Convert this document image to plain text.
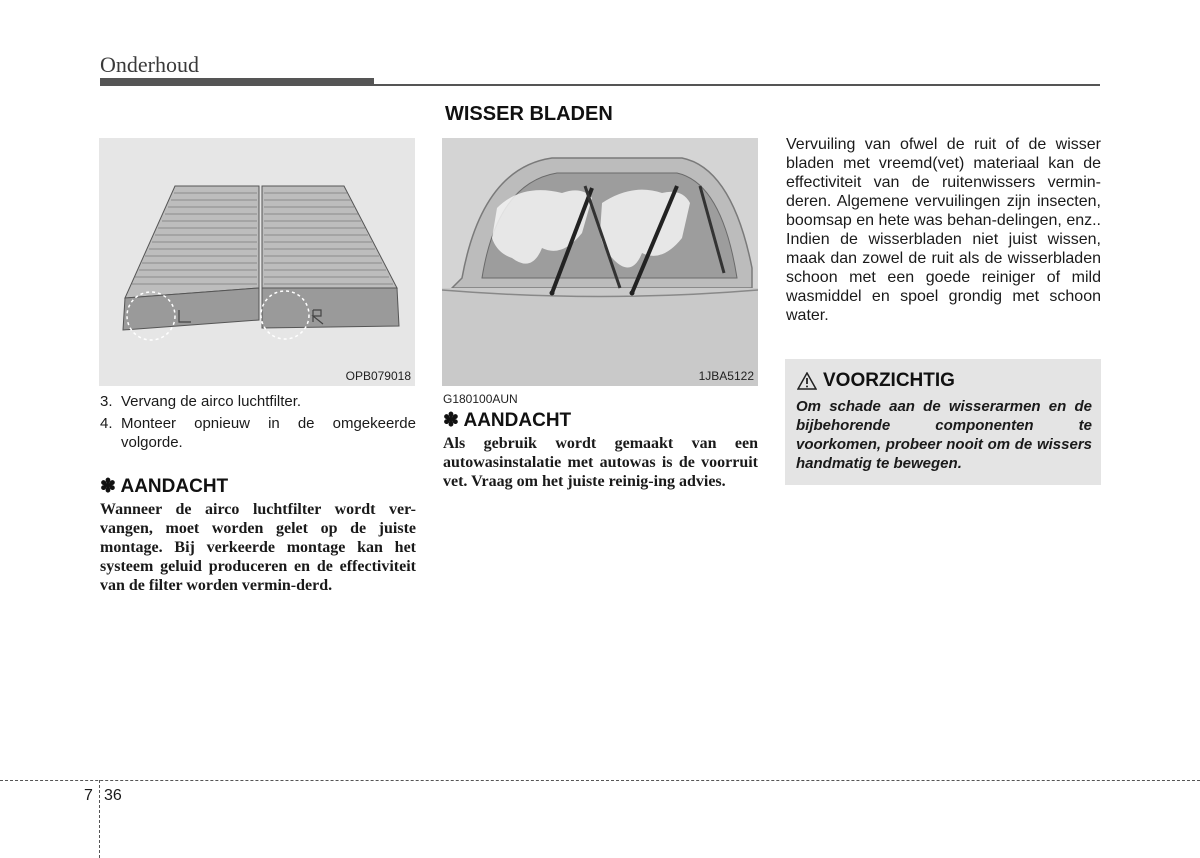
Onderhoud
WISSER BLADEN
OPB079018	1JBA5122
3. Vervang de airco luchtfilter.
4. Monteer opnieuw in de omgekeerde volgorde.
✽ AANDACHT
Wanneer de airco luchtfilter wordt ver-vangen, moet worden gelet op de juiste montage. Bij verkeerde montage kan het systeem geluid produceren en de effectiviteit van de filter worden vermin-derd.
G180100AUN
✽ AANDACHT
Als gebruik wordt gemaakt van een autowasinstalatie met autowas is de voorruit vet. Vraag om het juiste reinig-ing advies.
Vervuiling van ofwel de ruit of de wisser bladen met vreemd(vet) materiaal kan de effectiviteit van de ruitenwissers vermin-deren. Algemene vervuilingen zijn insecten, boomsap en hete was behan-delingen, enz.. Indien de wisserbladen niet juist wissen, maak dan zowel de ruit als de wisserbladen schoon met een goede reiniger of mild wasmiddel en spoel grondig met schoon water.
VOORZICHTIG
Om schade aan de wisserarmen en de bijbehorende componenten te voorkomen, probeer nooit om de wissers handmatig te bewegen.
7 36
